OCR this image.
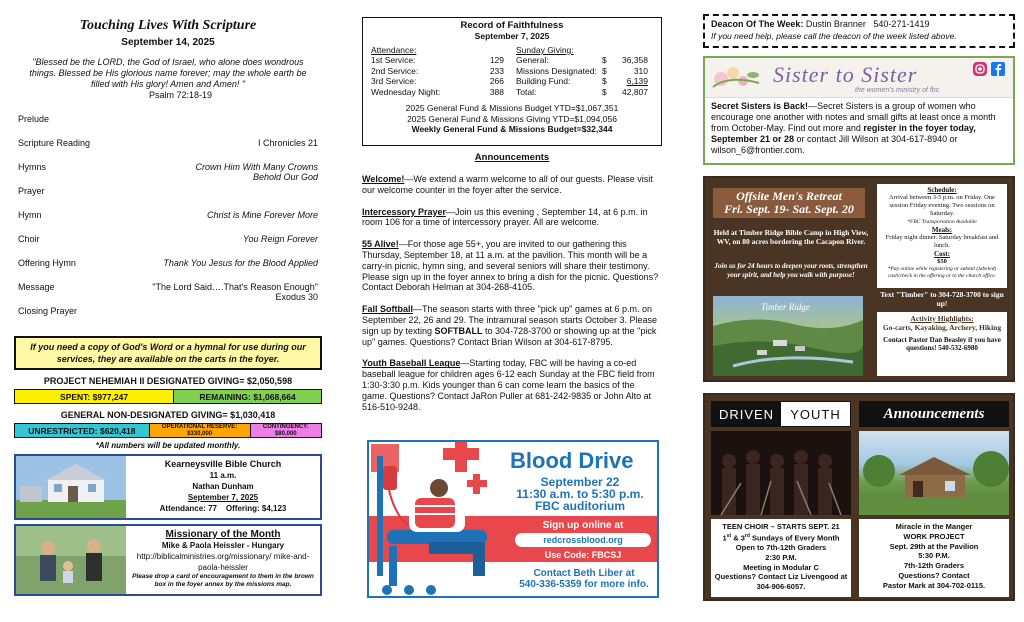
Touching Lives With Scripture
September 14, 2025
"Blessed be the LORD, the God of Israel, who alone does wondrous things. Blessed be His glorious name forever; may the whole earth be filled with His glory! Amen and Amen! "
Psalm 72:18-19
Prelude
Scripture Reading	I Chronicles 21
Hymns	Crown Him With Many Crowns
Behold Our God
Prayer
Hymn	Christ is Mine Forever More
Choir	You Reign Forever
Offering Hymn	Thank You Jesus for the Blood Applied
Message	"The Lord Said….That's Reason Enough"
Exodus 30
Closing Prayer
If you need a copy of God's Word or a hymnal for use during our services, they are available on the carts in the foyer.
PROJECT NEHEMIAH II DESIGNATED GIVING= $2,050,598
SPENT: $977,247	REMAINING: $1,068,664
GENERAL NON-DESIGNATED GIVING= $1,030,418
UNRESTRICTED: $620,418	OPERATIONAL RESERVE:
$330,000
CONTINGENCY:
$80,000
*All numbers will be updated monthly.
Kearneysville Bible Church
11 a.m.
Nathan Dunham
September 7, 2025
Attendance: 77 Offering: $4,123
Missionary of the Month
Mike & Paola Heissler - Hungary
http://biblicalministries.org/missionary/ mike-and-paola-heissler
Please drop a card of encouragement to them in the brown box in the foyer annex by the missions map.
Record of Faithfulness
September 7, 2025
Attendance:
1st Service:	129
2nd Service:	233
3rd Service:	266
Wednesday Night:	388
Sunday Giving:
General:	$	36,358
Missions Designated: $	310
Building Fund:	$	6,139
Total:	$	42,807
2025 General Fund & Missions Budget YTD=$1,067,351
2025 General Fund & Missions Giving YTD=$1,094,056
Weekly General Fund & Missions Budget=$32,344
Announcements
Welcome!—We extend a warm welcome to all of our guests. Please visit our welcome counter in the foyer after the service.
Intercessory Prayer—Join us this evening , September 14, at 6 p.m. in room 106 for a time of intercessory prayer. All are welcome.
55 Alive!—For those age 55+, you are invited to our gathering this Thursday, September 18, at 11 a.m. at the pavilion. This month will be a carry-in picnic, hymn sing, and several seniors will share their testimony. Please sign up in the foyer annex to bring a dish for the picnic. Questions? Contact Deborah Helman at 304-268-4105.
Fall Softball—The season starts with three "pick up" games at 6 p.m. on September 22, 26 and 29. The intramural season starts October 3. Please sign up by texting SOFTBALL to 304-728-3700 or showing up at the "pick up" games. Questions? Contact Brian Wilson at 304-617-8795.
Youth Baseball League—Starting today, FBC will be having a co-ed baseball league for children ages 6-12 each Sunday at the FBC field from 1:30-3:30 p.m. Kids younger than 6 can come learn the basics of the game. Questions? Contact JaRon Puller at 681-242-9835 or John Alto at 516-510-9248.
Blood Drive
September 22
11:30 a.m. to 5:30 p.m.
FBC auditorium
Sign up online at
redcrossblood.org
Use Code: FBCSJ
Contact Beth Liber at
540-336-5359 for more info.
Deacon Of The Week: Dustin Branner 540-271-1419
If you need help, please call the deacon of the week listed above.
Sister to Sister
the women's ministry of fbc
Secret Sisters is Back!—Secret Sisters is a group of women who encourage one another with notes and small gifts at least once a month from October-May. Find out more and register in the foyer today, September 21 or 28 or contact Jill Wilson at 304-617-8940 or wilson_6@frontier.com.
Offsite Men's Retreat
Fri. Sept. 19- Sat. Sept. 20
Held at Timber Ridge Bible Camp in High View, WV, on 80 acres bordering the Cacapon River.
Join us for 24 hours to deepen your roots, strengthen your spirit, and help you walk with purpose!
Timber Ridge
Schedule:
Arrival between 3-5 p.m. on Friday. One session Friday evening. Two sessions on Saturday.
*FBC Transportation Available
Meals:
Friday night dinner. Saturday breakfast and lunch.
Cost:
$50
*Pay online while registering or submit (labeled) cash/check in the offering or to the church office.
Text "Timber" to 304-728-3700 to sign up!
Activity Highlights:
Go-carts, Kayaking, Archery, Hiking
Contact Pastor Dan Beasley if you have questions! 540-532-6980
DRIVEN	YOUTH	Announcements
TEEN CHOIR – STARTS SEPT. 21
1st & 3rd Sundays of Every Month
Open to 7th-12th Graders
2:30 P.M.
Meeting in Modular C
Questions? Contact Liz Livengood at 304-906-6057.
Miracle in the Manger
WORK PROJECT
Sept. 29th at the Pavilion
5:30 P.M.
7th-12th Graders
Questions? Contact
Pastor Mark at 304-702-0115.
